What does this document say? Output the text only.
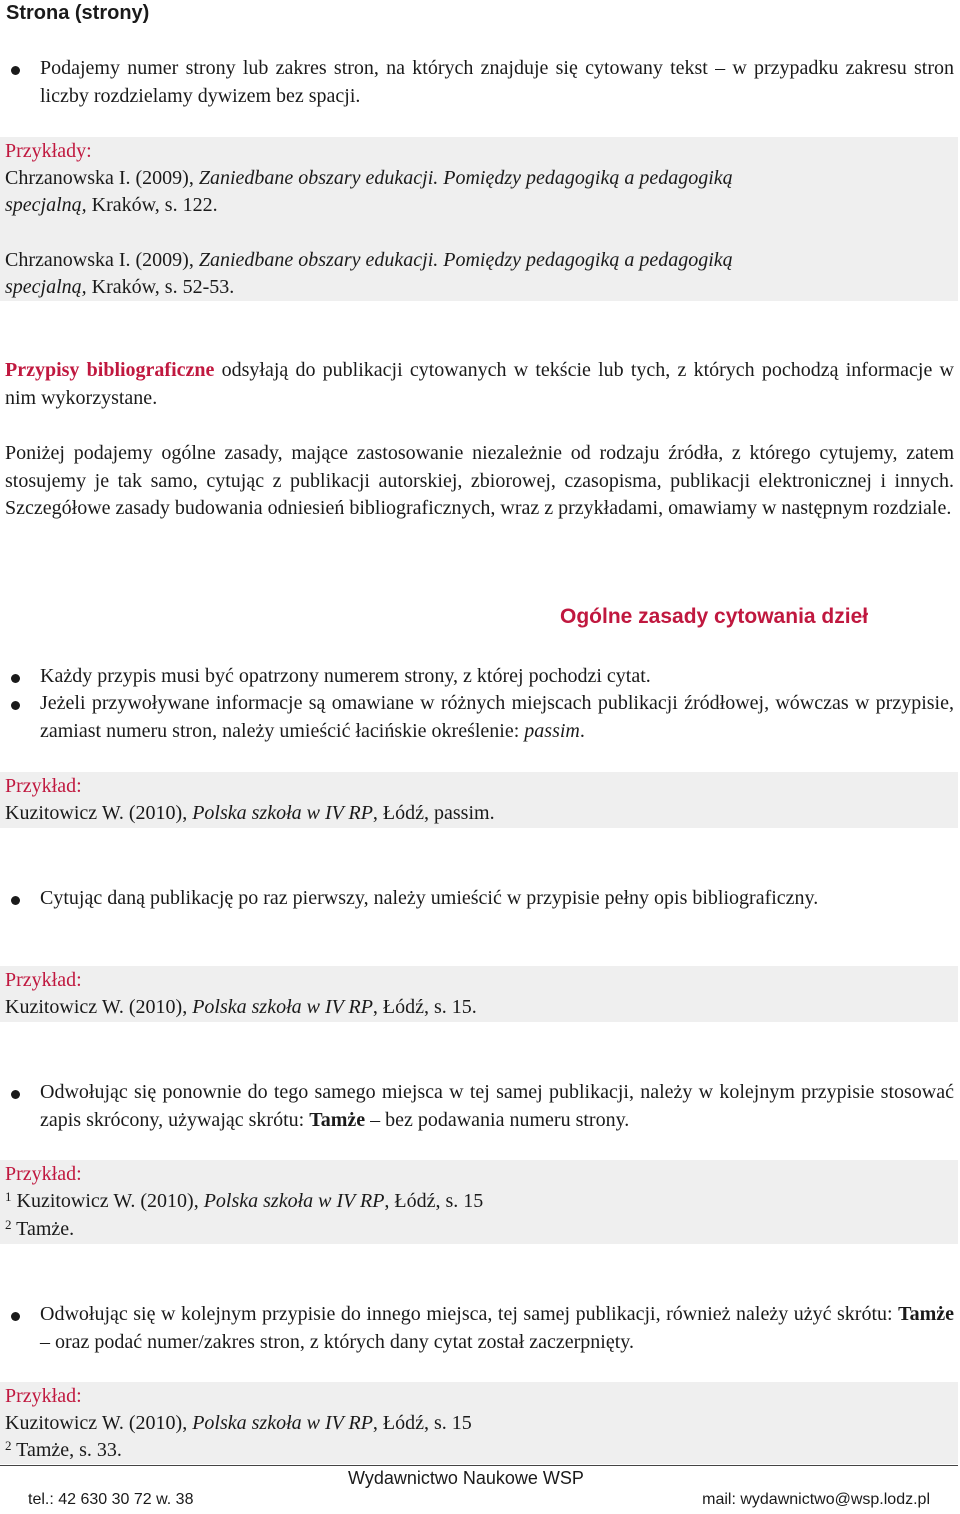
Strona (strony)
Podajemy numer strony lub zakres stron, na których znajduje się cytowany tekst – w przypadku zakresu stron liczby rozdzielamy dywizem bez spacji.
Przykłady:
Chrzanowska I. (2009), Zaniedbane obszary edukacji. Pomiędzy pedagogiką a pedagogiką
specjalną, Kraków, s. 122.
Chrzanowska I. (2009), Zaniedbane obszary edukacji. Pomiędzy pedagogiką a pedagogiką
specjalną, Kraków, s. 52-53.
Przypisy bibliograficzne odsyłają do publikacji cytowanych w tekście lub tych, z których pochodzą informacje w nim wykorzystane.
Poniżej podajemy ogólne zasady, mające zastosowanie niezależnie od rodzaju źródła, z którego cytujemy, zatem stosujemy je tak samo, cytując z publikacji autorskiej, zbiorowej, czasopisma, publikacji elektronicznej i innych. Szczegółowe zasady budowania odniesień bibliograficznych, wraz z przykładami, omawiamy w następnym rozdziale.
Ogólne zasady cytowania dzieł
Każdy przypis musi być opatrzony numerem strony, z której pochodzi cytat.
Jeżeli przywoływane informacje są omawiane w różnych miejscach publikacji źródłowej, wówczas w przypisie, zamiast numeru stron, należy umieścić łacińskie określenie: passim.
Przykład:
Kuzitowicz W. (2010), Polska szkoła w IV RP, Łódź, passim.
Cytując daną publikację po raz pierwszy, należy umieścić w przypisie pełny opis bibliograficzny.
Przykład:
Kuzitowicz W. (2010), Polska szkoła w IV RP, Łódź, s. 15.
Odwołując się ponownie do tego samego miejsca w tej samej publikacji, należy w kolejnym przypisie stosować zapis skrócony, używając skrótu: Tamże – bez podawania numeru strony.
Przykład:
$^1$ Kuzitowicz W. (2010), Polska szkoła w IV RP, Łódź, s. 15
$^2$ Tamże.
Odwołując się w kolejnym przypisie do innego miejsca, tej samej publikacji, również należy użyć skrótu: Tamże – oraz podać numer/zakres stron, z których dany cytat został zaczerpnięty.
Przykład:
Kuzitowicz W. (2010), Polska szkoła w IV RP, Łódź, s. 15
$^2$ Tamże, s. 33.
Wydawnictwo Naukowe WSP
tel.: 42 630 30 72 w. 38	mail: wydawnictwo@wsp.lodz.pl
